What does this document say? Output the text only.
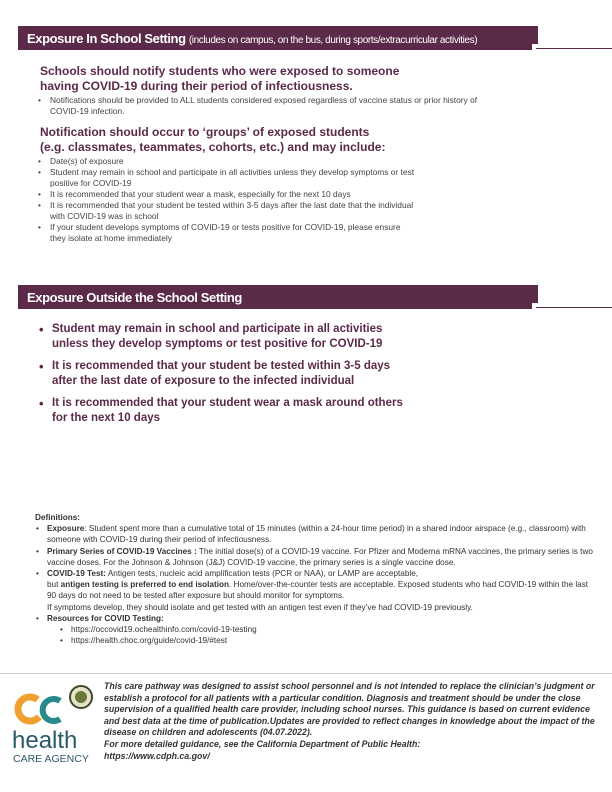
Exposure In School Setting (includes on campus, on the bus, during sports/extracurricular activities)
Schools should notify students who were exposed to someone
having COVID-19 during their period of infectiousness.
• Notifications should be provided to ALL students considered exposed regardless of vaccine status or prior history of COVID-19 infection.
Notification should occur to ‘groups’ of exposed students
(e.g. classmates, teammates, cohorts, etc.) and may include:
• Date(s) of exposure
• Student may remain in school and participate in all activities unless they develop symptoms or test positive for COVID-19
• It is recommended that your student wear a mask, especially for the next 10 days
• It is recommended that your student be tested within 3-5 days after the last date that the individual with COVID-19 was in school
• If your student develops symptoms of COVID-19 or tests positive for COVID-19, please ensure they isolate at home immediately
Exposure Outside the School Setting
• Student may remain in school and participate in all activities unless they develop symptoms or test positive for COVID-19
• It is recommended that your student be tested within 3-5 days after the last date of exposure to the infected individual
• It is recommended that your student wear a mask around others for the next 10 days
Definitions:
• Exposure: Student spent more than a cumulative total of 15 minutes (within a 24-hour time period) in a shared indoor airspace (e.g., classroom) with someone with COVID-19 during their period of infectiousness.
• Primary Series of COVID-19 Vaccines : The initial dose(s) of a COVID-19 vaccine. For Pfizer and Moderna mRNA vaccines, the primary series is two vaccine doses. For the Johnson & Johnson (J&J) COVID-19 vaccine, the primary series is a single vaccine dose.
• COVID-19 Test: Antigen tests, nucleic acid amplification tests (PCR or NAA), or LAMP are acceptable,
but antigen testing is preferred to end isolation. Home/over-the-counter tests are acceptable. Exposed students who had COVID-19 within the last 90 days do not need to be tested after exposure but should monitor for symptoms.
If symptoms develop, they should isolate and get tested with an antigen test even if they’ve had COVID-19 previously.
• Resources for COVID Testing:
• https://occovid19.ochealthinfo.com/covid-19-testing
• https://health.choc.org/guide/covid-19/#test
health
CARE AGENCY
This care pathway was designed to assist school personnel and is not intended to replace the clinician’s judgment or establish a protocol for all patients with a particular condition. Diagnosis and treatment should be under the close supervision of a qualified health care provider, including school nurses. This guidance is based on current evidence and best data at the time of publication.Updates are provided to reflect changes in knowledge about the impact of the disease on children and adolescents (04.07.2022).
For more detailed guidance, see the California Department of Public Health:
https://www.cdph.ca.gov/
